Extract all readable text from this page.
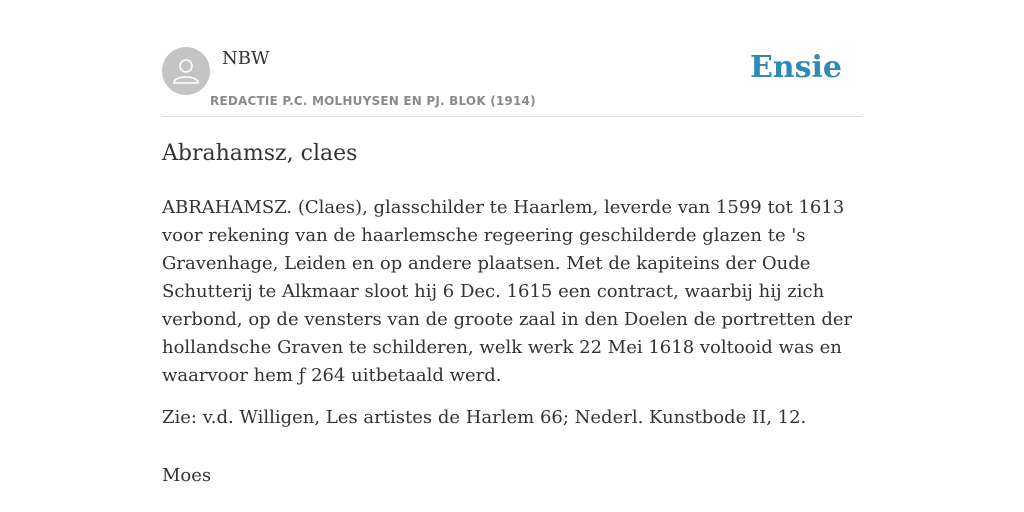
NBW
REDACTIE P.C. MOLHUYSEN EN PJ. BLOK (1914)
Ensie
Abrahamsz, claes

ABRAHAMSZ. (Claes), glasschilder te Haarlem, leverde van 1599 tot 1613 voor rekening van de haarlemsche regeering geschilderde glazen te 's Gravenhage, Leiden en op andere plaatsen. Met de kapiteins der Oude Schutterij te Alkmaar sloot hij 6 Dec. 1615 een contract, waarbij hij zich verbond, op de vensters van de groote zaal in den Doelen de portretten der hollandsche Graven te schilderen, welk werk 22 Mei 1618 voltooid was en waarvoor hem ƒ 264 uitbetaald werd.

Zie: v.d. Willigen, Les artistes de Harlem 66; Nederl. Kunstbode II, 12.

Moes
